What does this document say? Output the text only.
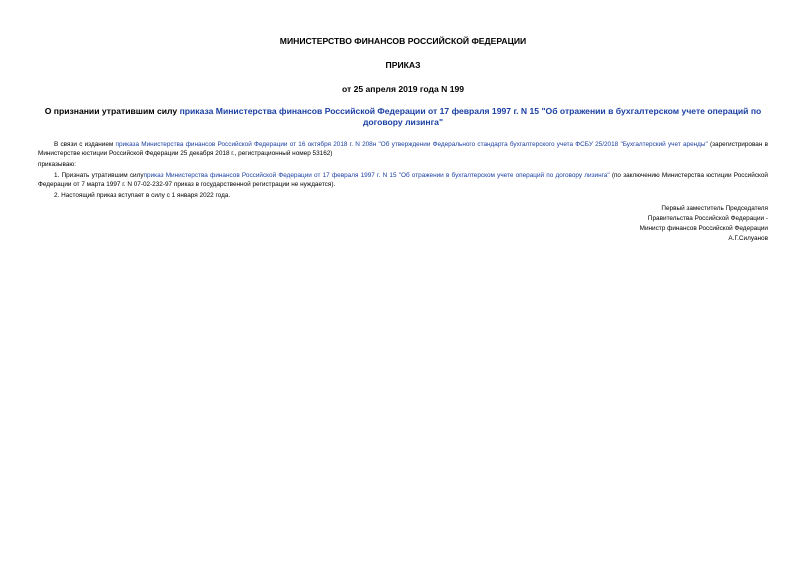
МИНИСТЕРСТВО ФИНАНСОВ РОССИЙСКОЙ ФЕДЕРАЦИИ
ПРИКАЗ
от 25 апреля 2019 года N 199
О признании утратившим силу приказа Министерства финансов Российской Федерации от 17 февраля 1997 г. N 15 "Об отражении в бухгалтерском учете операций по договору лизинга"

В связи с изданием приказа Министерства финансов Российской Федерации от 16 октября 2018 г. N 208н "Об утверждении Федерального стандарта бухгалтерского учета ФСБУ 25/2018 "Бухгалтерский учет аренды" (зарегистрирован в Министерстве юстиции Российской Федерации 25 декабря 2018 г., регистрационный номер 53162)

приказываю:

1. Признать утратившим силуприказ Министерства финансов Российской Федерации от 17 февраля 1997 г. N 15 "Об отражении в бухгалтерском учете операций по договору лизинга" (по заключению Министерства юстиции Российской Федерации от 7 марта 1997 г. N 07-02-232-97 приказ в государственной регистрации не нуждается).

2. Настоящий приказ вступает в силу с 1 января 2022 года.

Первый заместитель Председателя
Правительства Российской Федерации -
Министр финансов Российской Федерации
А.Г.Силуанов
